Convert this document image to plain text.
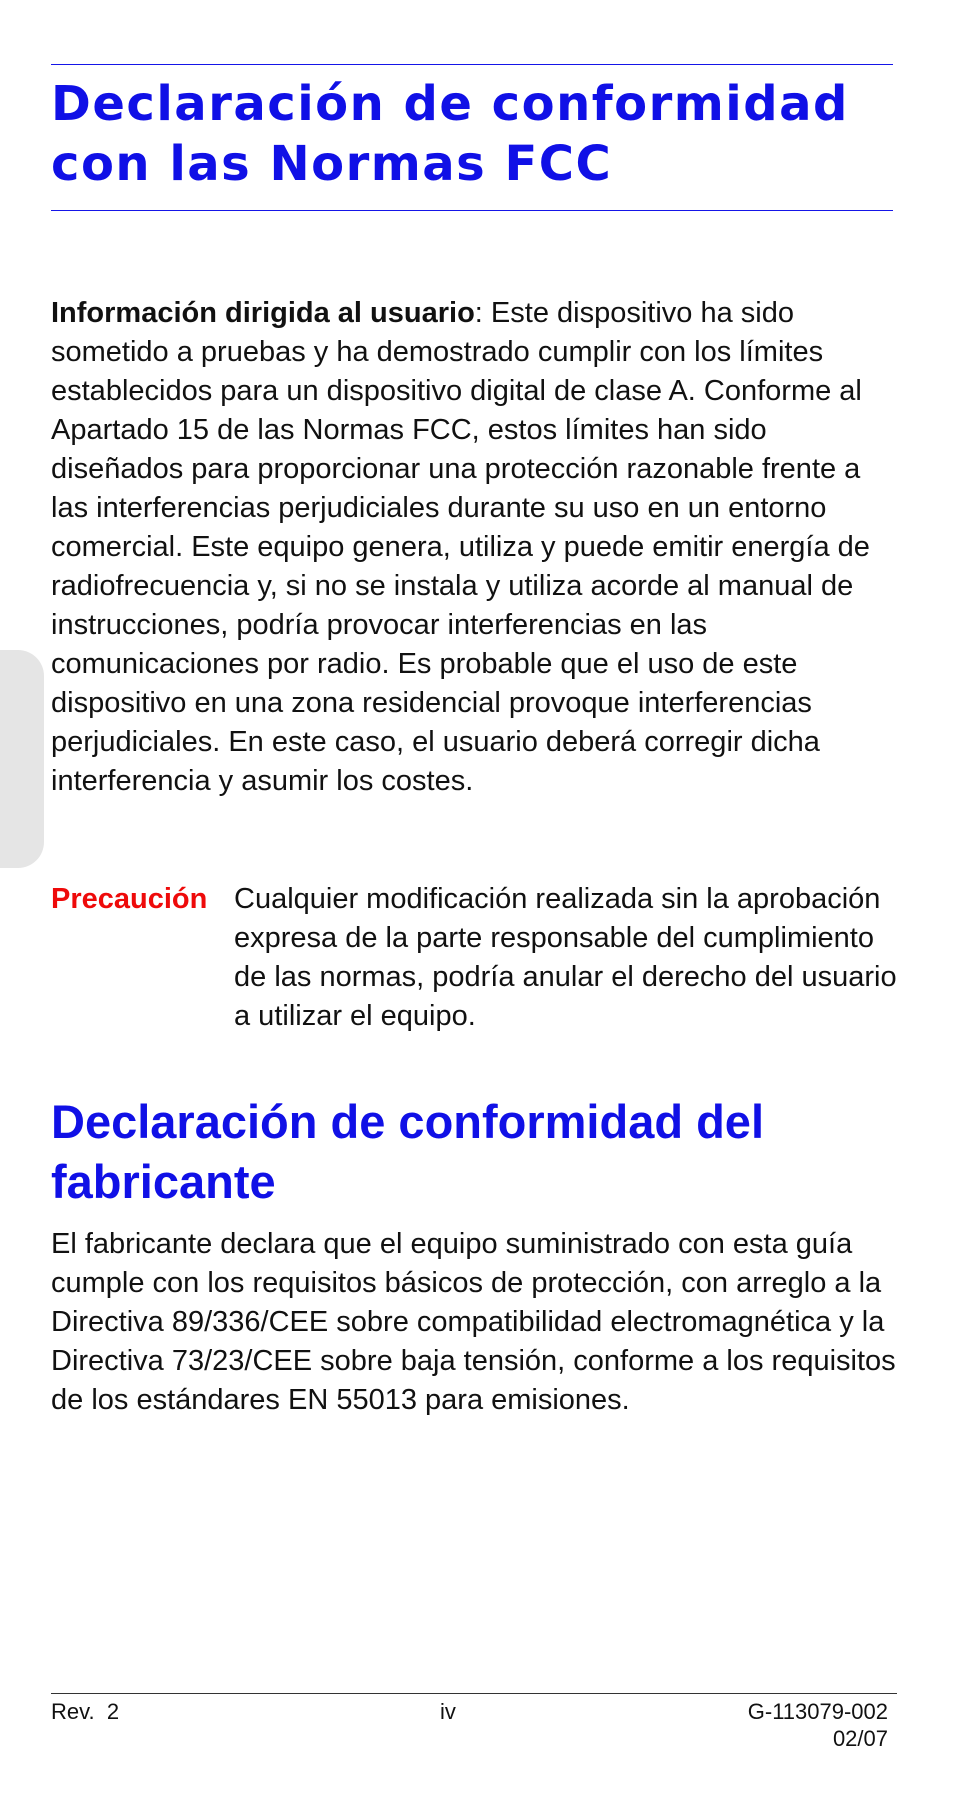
Declaración de conformidad con las Normas FCC

Información dirigida al usuario: Este dispositivo ha sido sometido a pruebas y ha demostrado cumplir con los límites establecidos para un dispositivo digital de clase A. Conforme al Apartado 15 de las Normas FCC, estos límites han sido diseñados para proporcionar una protección razonable frente a las interferencias perjudiciales durante su uso en un entorno comercial. Este equipo genera, utiliza y puede emitir energía de radiofrecuencia y, si no se instala y utiliza acorde al manual de instrucciones, podría provocar interferencias en las comunicaciones por radio. Es probable que el uso de este dispositivo en una zona residencial provoque interferencias perjudiciales. En este caso, el usuario deberá corregir dicha interferencia y asumir los costes.

Precaución Cualquier modificación realizada sin la aprobación expresa de la parte responsable del cumplimiento de las normas, podría anular el derecho del usuario a utilizar el equipo.

Declaración de conformidad del fabricante

El fabricante declara que el equipo suministrado con esta guía cumple con los requisitos básicos de protección, con arreglo a la Directiva 89/336/CEE sobre compatibilidad electromagnética y la Directiva 73/23/CEE sobre baja tensión, conforme a los requisitos de los estándares EN 55013 para emisiones.

Rev.  2	iv	G-113079-002
02/07
